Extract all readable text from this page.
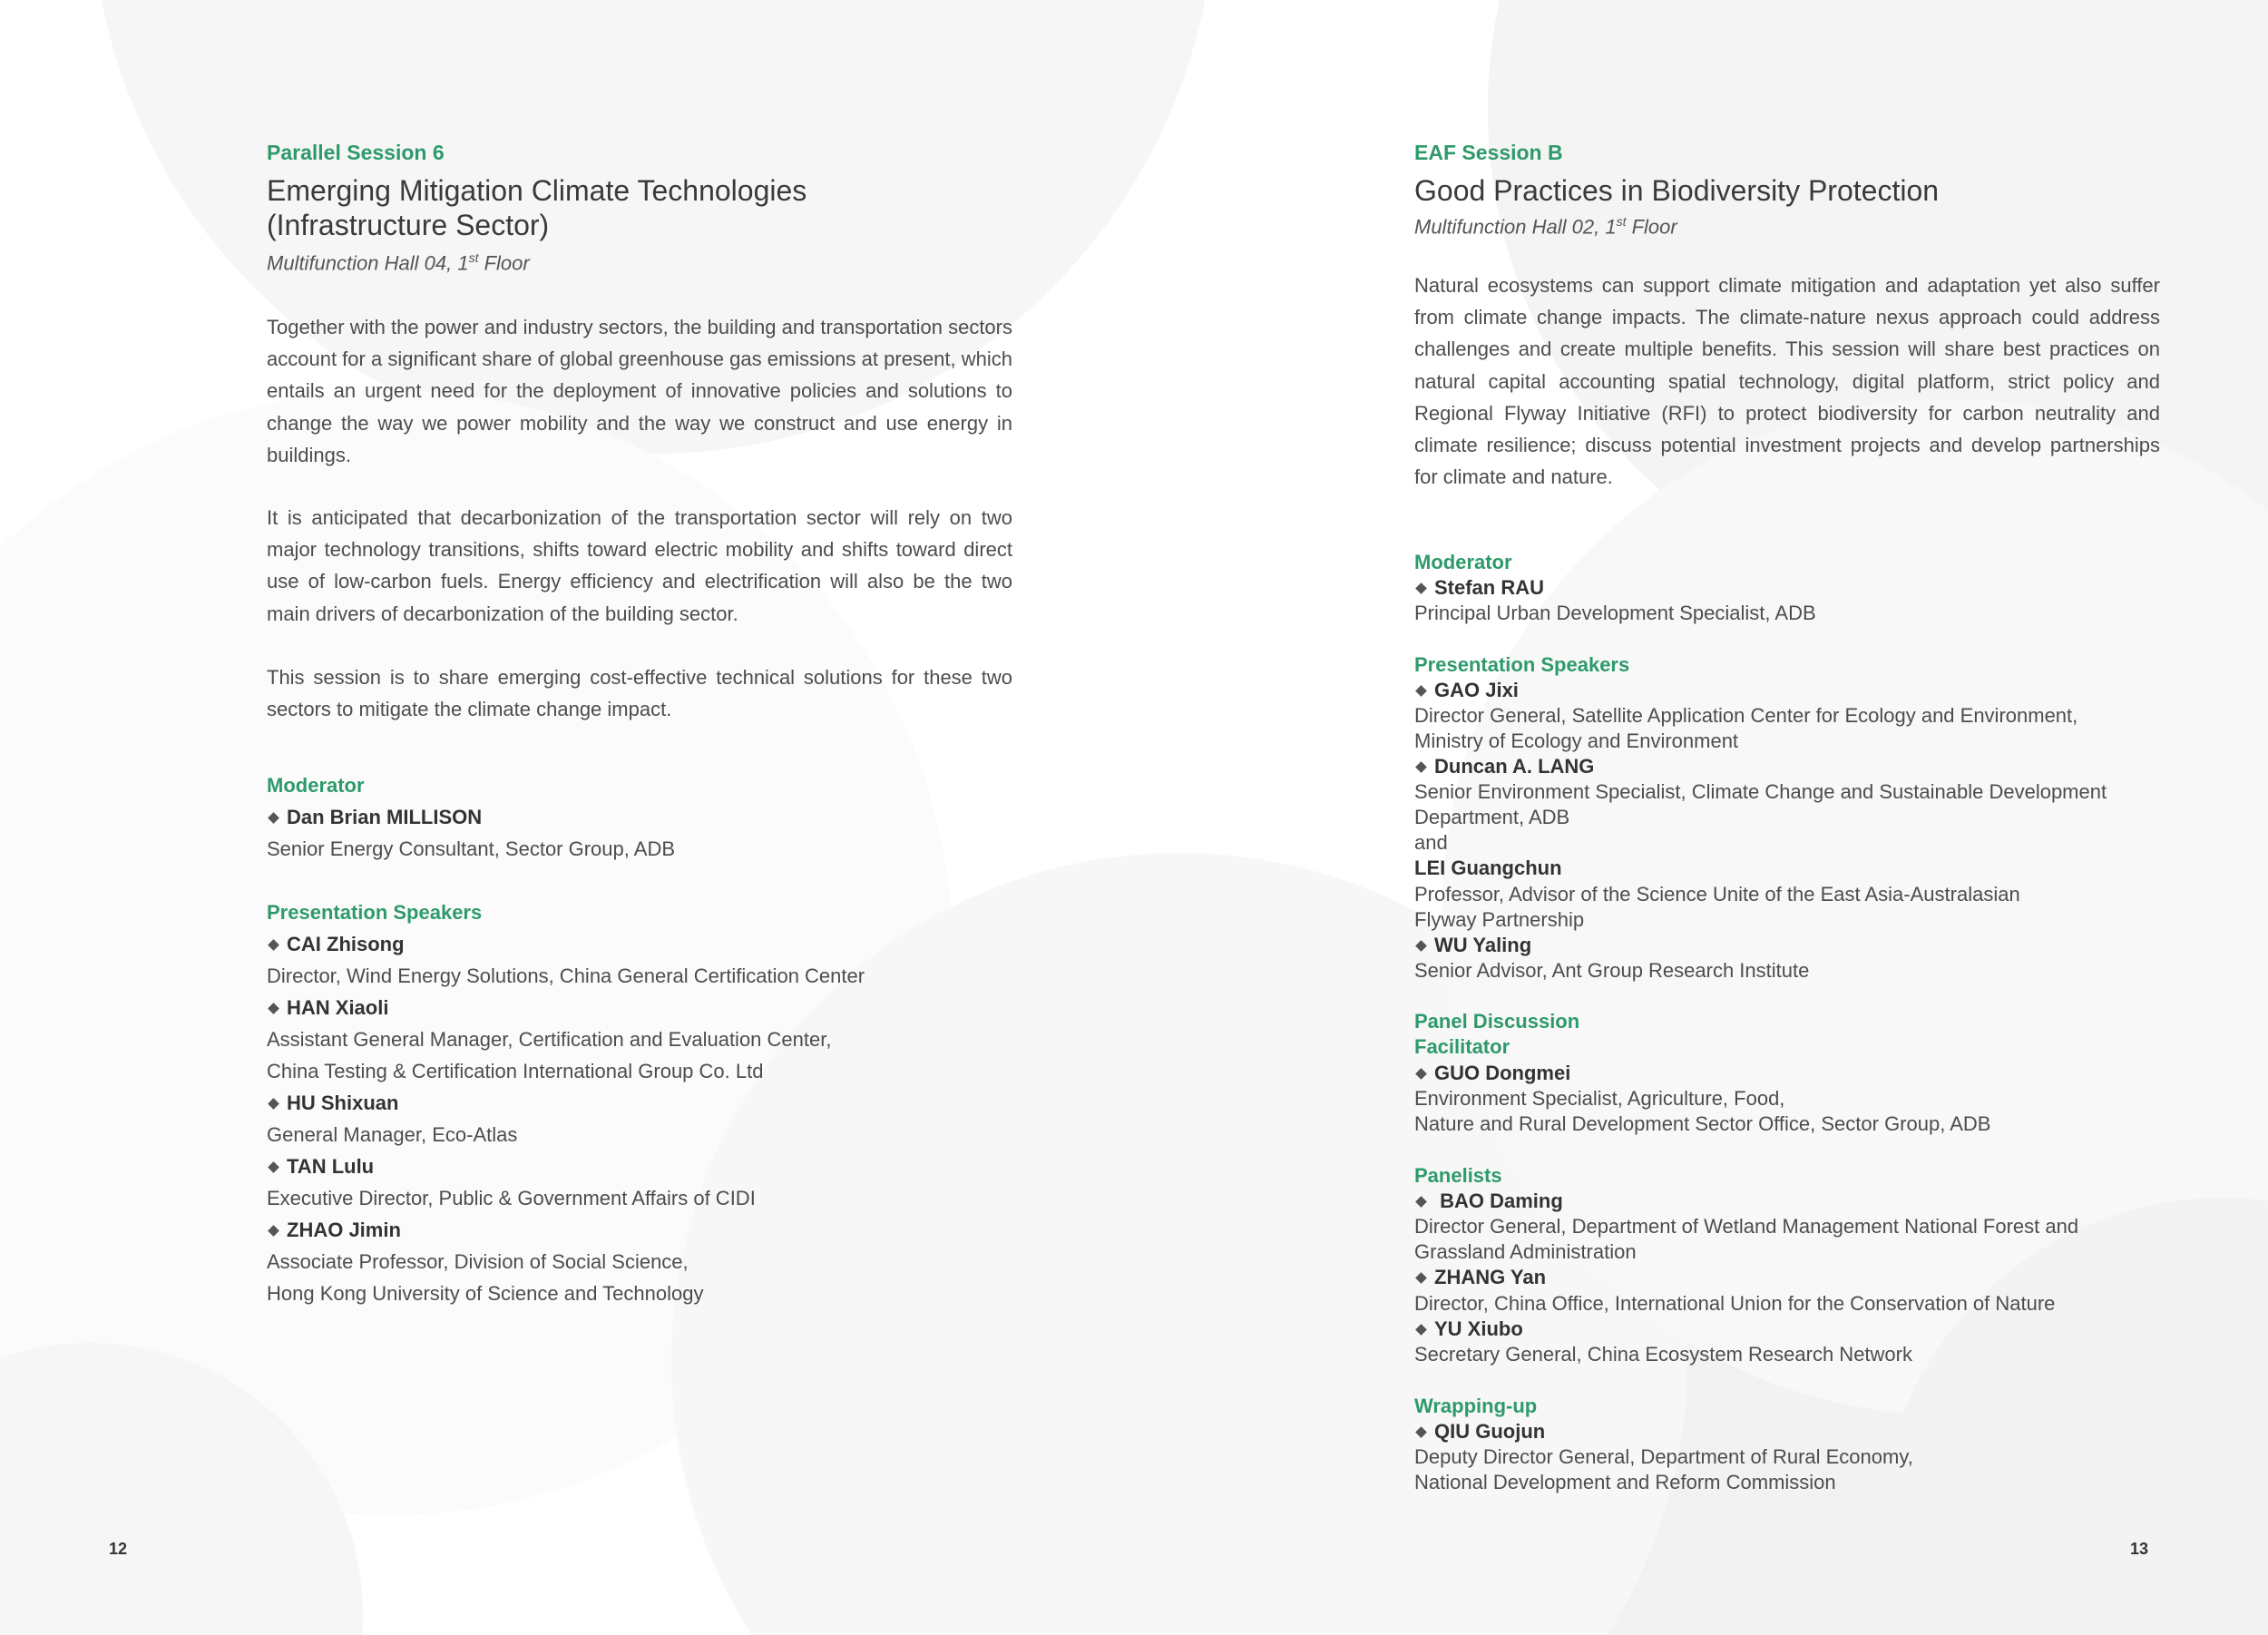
Parallel Session 6
Emerging Mitigation Climate Technologies
(Infrastructure Sector)
Multifunction Hall 04, 1st Floor

Together with the power and industry sectors, the building and transportation sectors account for a significant share of global greenhouse gas emissions at present, which entails an urgent need for the deployment of innovative policies and solutions to change the way we power mobility and the way we construct and use energy in buildings.

It is anticipated that decarbonization of the transportation sector will rely on two major technology transitions, shifts toward electric mobility and shifts toward direct use of low-carbon fuels. Energy efficiency and electrification will also be the two main drivers of decarbonization of the building sector.

This session is to share emerging cost-effective technical solutions for these two sectors to mitigate the climate change impact.

Moderator
Dan Brian MILLISON
Senior Energy Consultant, Sector Group, ADB
Presentation Speakers
CAI Zhisong
Director, Wind Energy Solutions, China General Certification Center
HAN Xiaoli
Assistant General Manager, Certification and Evaluation Center,
China Testing & Certification International Group Co. Ltd
HU Shixuan
General Manager, Eco-Atlas
TAN Lulu
Executive Director, Public & Government Affairs of CIDI
ZHAO Jimin
Associate Professor, Division of Social Science,
Hong Kong University of Science and Technology
12
EAF Session B
Good Practices in Biodiversity Protection
Multifunction Hall 02, 1st Floor

Natural ecosystems can support climate mitigation and adaptation yet also suffer from climate change impacts. The climate-nature nexus approach could address challenges and create multiple benefits. This session will share best practices on natural capital accounting spatial technology, digital platform, strict policy and Regional Flyway Initiative (RFI) to protect biodiversity for carbon neutrality and climate resilience; discuss potential investment projects and develop partnerships for climate and nature.

Moderator
Stefan RAU
Principal Urban Development Specialist, ADB
Presentation Speakers
GAO Jixi
Director General, Satellite Application Center for Ecology and Environment,
Ministry of Ecology and Environment
Duncan A. LANG
Senior Environment Specialist, Climate Change and Sustainable Development
Department, ADB
and
LEI Guangchun
Professor, Advisor of the Science Unite of the East Asia-Australasian
Flyway Partnership
WU Yaling
Senior Advisor, Ant Group Research Institute
Panel Discussion
Facilitator
GUO Dongmei
Environment Specialist, Agriculture, Food,
Nature and Rural Development Sector Office, Sector Group, ADB
Panelists
BAO Daming
Director General, Department of Wetland Management National Forest and
Grassland Administration
ZHANG Yan
Director, China Office, International Union for the Conservation of Nature
YU Xiubo
Secretary General, China Ecosystem Research Network
Wrapping-up
QIU Guojun
Deputy Director General, Department of Rural Economy,
National Development and Reform Commission
13
